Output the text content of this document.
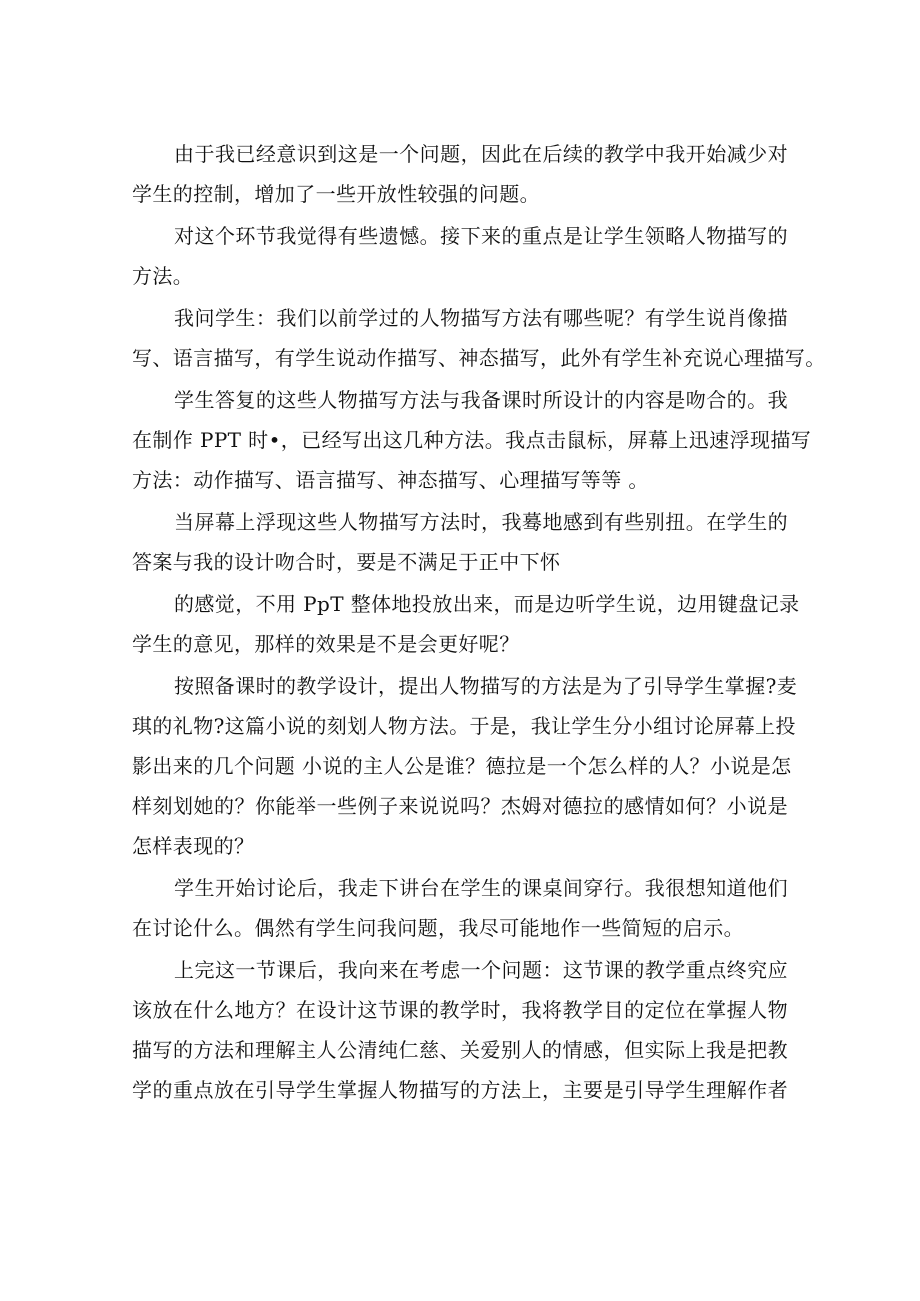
由于我已经意识到这是一个问题，因此在后续的教学中我开始减少对
学生的控制，增加了一些开放性较强的问题。
对这个环节我觉得有些遗憾。接下来的重点是让学生领略人物描写的
方法。
我问学生：我们以前学过的人物描写方法有哪些呢？有学生说肖像描
写、语言描写，有学生说动作描写、神态描写，此外有学生补充说心理描写。
学生答复的这些人物描写方法与我备课时所设计的内容是吻合的。我
在制作 PPT 时•，已经写出这几种方法。我点击鼠标，屏幕上迅速浮现描写
方法：动作描写、语言描写、神态描写、心理描写等等 。
当屏幕上浮现这些人物描写方法时，我蓦地感到有些别扭。在学生的
答案与我的设计吻合时，要是不满足于正中下怀
的感觉，不用 PpT 整体地投放出来，而是边听学生说，边用键盘记录
学生的意见，那样的效果是不是会更好呢？
按照备课时的教学设计，提出人物描写的方法是为了引导学生掌握?麦
琪的礼物?这篇小说的刻划人物方法。于是，我让学生分小组讨论屏幕上投
影出来的几个问题 小说的主人公是谁？德拉是一个怎么样的人？小说是怎
样刻划她的？你能举一些例子来说说吗？杰姆对德拉的感情如何？小说是
怎样表现的？
学生开始讨论后，我走下讲台在学生的课桌间穿行。我很想知道他们
在讨论什么。偶然有学生问我问题，我尽可能地作一些简短的启示。
上完这一节课后，我向来在考虑一个问题：这节课的教学重点终究应
该放在什么地方？在设计这节课的教学时，我将教学目的定位在掌握人物
描写的方法和理解主人公清纯仁慈、关爱别人的情感，但实际上我是把教
学的重点放在引导学生掌握人物描写的方法上，主要是引导学生理解作者
